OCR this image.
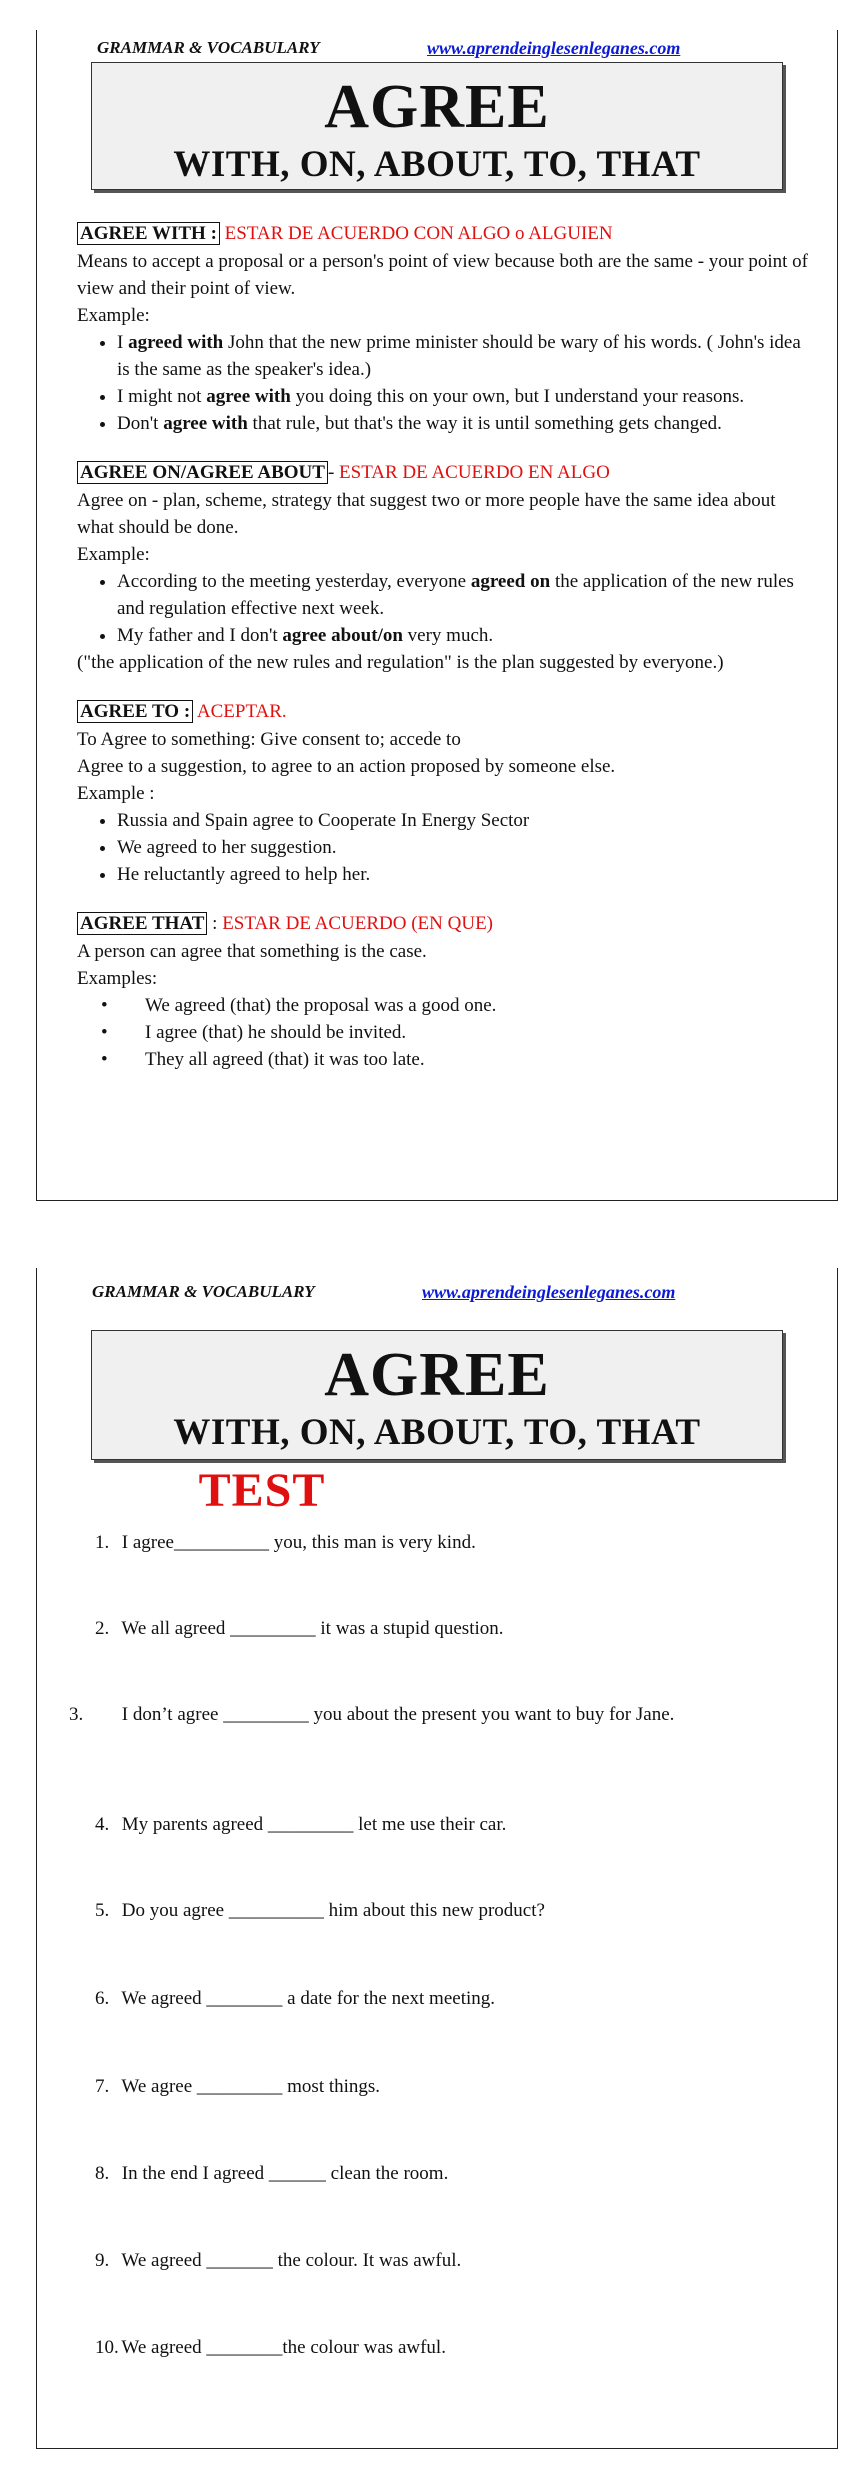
GRAMMAR & VOCABULARY	www.aprendeinglesenleganes.com
AGREE
WITH, ON, ABOUT, TO, THAT
AGREE WITH : ESTAR DE ACUERDO CON ALGO o ALGUIEN

Means to accept a proposal or a person's point of view because both are the same - your point of view and their point of view.

Example:

• I agreed with John that the new prime minister should be wary of his words. ( John's idea is the same as the speaker's idea.)
• I might not agree with you doing this on your own, but I understand your reasons.
• Don't agree with that rule, but that's the way it is until something gets changed.
AGREE ON/AGREE ABOUT - ESTAR DE ACUERDO EN ALGO

Agree on - plan, scheme, strategy that suggest two or more people have the same idea about what should be done.

Example:

• According to the meeting yesterday, everyone agreed on the application of the new rules and regulation effective next week.
• My father and I don't agree about/on very much.

("the application of the new rules and regulation" is the plan suggested by everyone.)

AGREE TO : ACEPTAR.

To Agree to something: Give consent to; accede to

Agree to a suggestion, to agree to an action proposed by someone else.

Example :

• Russia and Spain agree to Cooperate In Energy Sector
• We agreed to her suggestion.
• He reluctantly agreed to help her.
AGREE THAT : ESTAR DE ACUERDO (EN QUE)

A person can agree that something is the case.

Examples:

• We agreed (that) the proposal was a good one.
• I agree (that) he should be invited.
• They all agreed (that) it was too late.
GRAMMAR & VOCABULARY	www.aprendeinglesenleganes.com
AGREE
WITH, ON, ABOUT, TO, THAT
TEST
1. I agree__________ you, this man is very kind.
2. We all agreed _________ it was a stupid question.
3. I don’t agree _________ you about the present you want to buy for Jane.
4. My parents agreed _________ let me use their car.
5. Do you agree __________ him about this new product?
6. We agreed ________ a date for the next meeting.
7. We agree _________ most things.
8. In the end I agreed ______ clean the room.
9. We agreed _______ the colour. It was awful.
10. We agreed ________the colour was awful.
